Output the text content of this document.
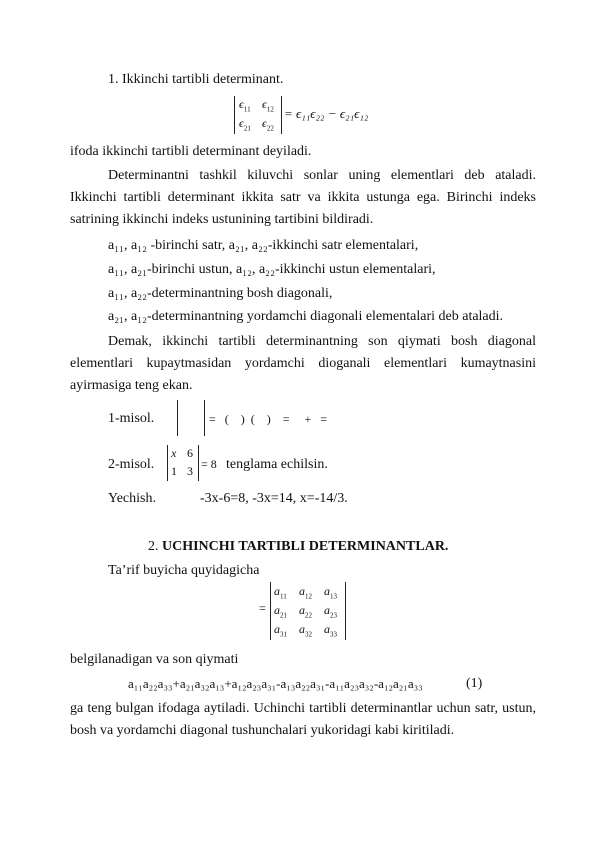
1. Ikkinchi tartibli determinant.
$\epsilon_{11}$ $\epsilon_{12}$
$\epsilon_{21}$ $\epsilon_{22}$
= ϵ₁₁ϵ₂₂ − ϵ₂₁ϵ₁₂
ifoda ikkinchi tartibli determinant deyiladi.
Determinantni tashkil kiluvchi sonlar uning elementlari deb ataladi. Ikkinchi tartibli determinant ikkita satr va ikkita ustunga ega. Birinchi indeks satrining ikkinchi indeks ustunining tartibini bildiradi.
a₁₁, a₁₂ -birinchi satr, a₂₁, a₂₂-ikkinchi satr elementalari,
a₁₁, a₂₁-birinchi ustun, a₁₂, a₂₂-ikkinchi ustun elementalari,
a₁₁, a₂₂-determinantning bosh diagonali,
a₂₁, a₁₂-determinantning yordamchi diagonali elementalari deb ataladi.
Demak, ikkinchi tartibli determinantning son qiymati bosh diagonal elementlari kupaytmasidan yordamchi dioganali elementlari kumaytnasini ayirmasiga teng ekan.
1-misol.	=   (    )  (    )    =     +   =
2-misol.
x 6
1 3 = 8 tenglama echilsin.
Yechish.	-3x-6=8, -3x=14, x=-14/3.
2. UCHINCHI TARTIBLI DETERMINANTLAR.
Ta’rif buyicha quyidagicha
=
$a_{11}$ $a_{12}$ $a_{13}$
$a_{21}$ $a_{22}$ $a_{23}$
$a_{31}$ $a_{32}$ $a_{33}$
belgilanadigan va son qiymati
a₁₁a₂₂a₃₃+a₂₁a₃₂a₁₃+a₁₂a₂₃a₃₁-a₁₃a₂₂a₃₁-a₁₁a₂₃a₃₂-a₁₂a₂₁a₃₃	(1)
ga teng bulgan ifodaga aytiladi. Uchinchi tartibli determinantlar uchun satr, ustun, bosh va yordamchi diagonal tushunchalari yukoridagi kabi kiritiladi.
